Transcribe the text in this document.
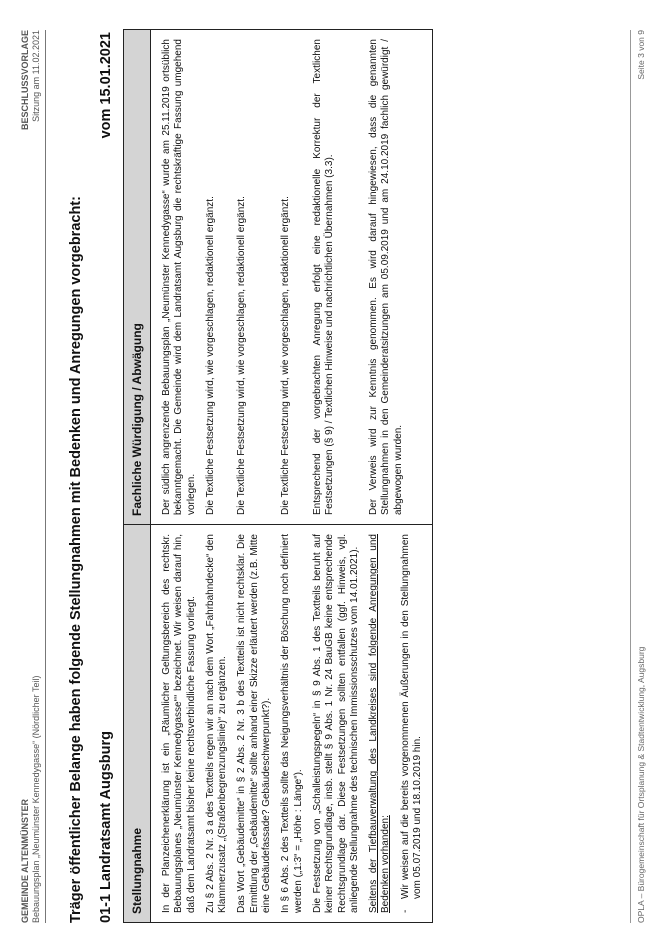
GEMEINDE ALTENMÜNSTER Bebauungsplan „Neumünster Kennedygasse“ (Nördlicher Teil)
BESCHLUSSVORLAGE Sitzung am 11.02.2021
Träger öffentlicher Belange haben folgende Stellungnahmen mit Bedenken und Anregungen vorgebracht: 01-1 Landratsamt Augsburg
vom 15.01.2021
Stellungnahme	Fachliche Würdigung / Abwägung

In der Planzeichenerklärung ist ein „Räumlicher Geltungsbereich des rechtskr. Bebauungsplanes „Neumünster Kennedygasse““ bezeichnet. Wir weisen darauf hin, daß dem Landratsamt bisher keine rechtsverbindliche Fassung vorliegt.	Der südlich angrenzende Bebauungsplan „Neumünster Kennedygasse“ wurde am 25.11.2019 ortsüblich bekanntgemacht. Die Gemeinde wird dem Landratsamt Augsburg die rechtskräftige Fassung umgehend vorlegen.

Zu § 2 Abs. 2 Nr. 3 a des Textteils regen wir an nach dem Wort „Fahrbahndecke“ den Klammerzusatz „(Straßenbegrenzungslinie)“ zu ergänzen.	Die Textliche Festsetzung wird, wie vorgeschlagen, redaktionell ergänzt.

Das Wort „Gebäudemitte“ in § 2 Abs. 2 Nr. 3 b des Textteils ist nicht rechtsklar. Die Ermittlung der „Gebäudemitte“ sollte anhand einer Skizze erläutert werden (z.B. Mitte eine Gebäudefassade? Gebäudeschwerpunkt?).	Die Textliche Festsetzung wird, wie vorgeschlagen, redaktionell ergänzt.

In § 6 Abs. 2 des Textteils sollte das Neigungsverhältnis der Böschung noch definiert werden („1:3“ = „Höhe : Länge“).	Die Textliche Festsetzung wird, wie vorgeschlagen, redaktionell ergänzt.

Die Festsetzung von „Schalleistungspegeln“ in § 9 Abs. 1 des Textteils beruht auf keiner Rechtsgrundlage, insb. stellt § 9 Abs. 1 Nr. 24 BauGB keine entsprechende Rechtsgrundlage dar. Diese Festsetzungen sollten entfallen (ggf. Hinweis, vgl. anliegende Stellungnahme des technischen Immissionsschutzes vom 14.01.2021).	Entsprechend der vorgebrachten Anregung erfolgt eine redaktionelle Korrektur der Textlichen Festsetzungen (§ 9) / Textlichen Hinweise und nachrichtlichen Übernahmen (3.3).

Seitens der Tiefbauverwaltung des Landkreises sind folgende Anregungen und Bedenken vorhanden: -
Wir weisen auf die bereits vorgenommenen Äußerungen in den Stellungnahmen vom 05.07.2019 und 18.10.2019 hin.	Der Verweis wird zur Kenntnis genommen. Es wird darauf hingewiesen, dass die genannten Stellungnahmen in den Gemeinderatsitzungen am 05.09.2019 und am 24.10.2019 fachlich gewürdigt / abgewogen wurden.

OPLA – Bürogemeinschaft für Ortsplanung & Stadtentwicklung, Augsburg
Seite 3 von 9
